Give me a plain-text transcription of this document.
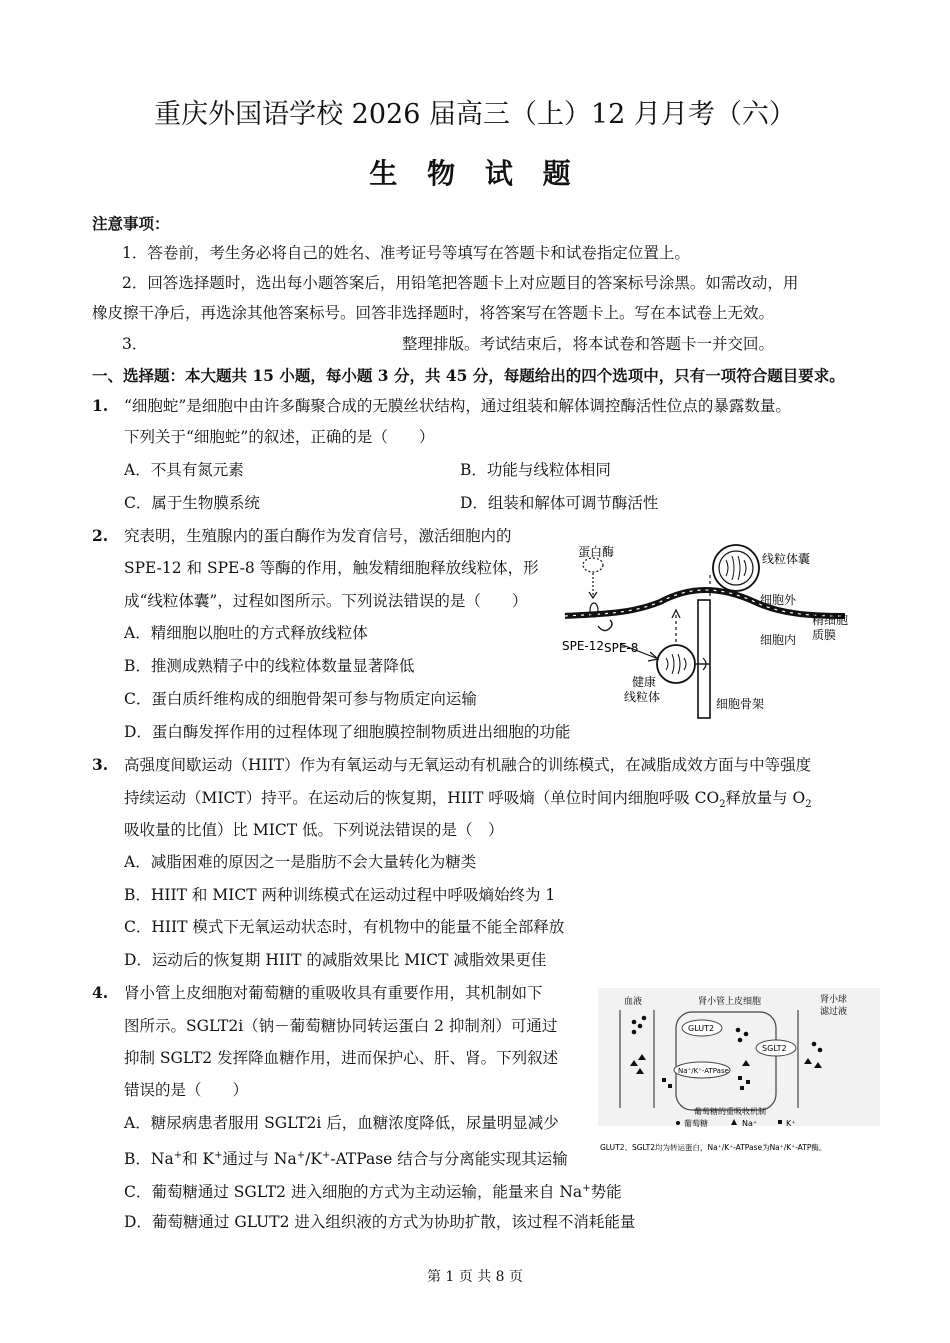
重庆外国语学校 2026 届高三（上）12 月月考（六）
生 物 试 题
注意事项：
1．答卷前，考生务必将自己的姓名、准考证号等填写在答题卡和试卷指定位置上。
2．回答选择题时，选出每小题答案后，用铅笔把答题卡上对应题目的答案标号涂黑。如需改动，用
橡皮擦干净后，再选涂其他答案标号。回答非选择题时，将答案写在答题卡上。写在本试卷上无效。
3．	整理排版。考试结束后，将本试卷和答题卡一并交回。
一、选择题：本大题共 15 小题，每小题 3 分，共 45 分，每题给出的四个选项中，只有一项符合题目要求。
1. “细胞蛇”是细胞中由许多酶聚合成的无膜丝状结构，通过组装和解体调控酶活性位点的暴露数量。
下列关于“细胞蛇”的叙述，正确的是（　　）
A．不具有氮元素	B．功能与线粒体相同
C．属于生物膜系统	D．组装和解体可调节酶活性
2. 究表明，生殖腺内的蛋白酶作为发育信号，激活细胞内的
SPE-12 和 SPE-8 等酶的作用，触发精细胞释放线粒体，形
成“线粒体囊”，过程如图所示。下列说法错误的是（　　）
A．精细胞以胞吐的方式释放线粒体
B．推测成熟精子中的线粒体数量显著降低
C．蛋白质纤维构成的细胞骨架可参与物质定向运输
D．蛋白酶发挥作用的过程体现了细胞膜控制物质进出细胞的功能
蛋白酶	线粒体囊
细胞外
细胞内
精细胞
质膜
SPE-12 SPE-8
健康
线粒体	细胞骨架
3. 高强度间歇运动（HIIT）作为有氧运动与无氧运动有机融合的训练模式，在减脂成效方面与中等强度
持续运动（MICT）持平。在运动后的恢复期，HIIT 呼吸熵（单位时间内细胞呼吸 $CO_2$释放量与 $O_2$
吸收量的比值）比 MICT 低。下列说法错误的是（　）
A．减脂困难的原因之一是脂肪不会大量转化为糖类
B．HIIT 和 MICT 两种训练模式在运动过程中呼吸熵始终为 1
C．HIIT 模式下无氧运动状态时，有机物中的能量不能全部释放
D．运动后的恢复期 HIIT 的减脂效果比 MICT 减脂效果更佳
4. 肾小管上皮细胞对葡萄糖的重吸收具有重要作用，其机制如下
图所示。SGLT2i（钠－葡萄糖协同转运蛋白 2 抑制剂）可通过
抑制 SGLT2 发挥降血糖作用，进而保护心、肝、肾。下列叙述
错误的是（　　）
A．糖尿病患者服用 SGLT2i 后，血糖浓度降低，尿量明显减少
B．Na+和 K+通过与 Na+/K+-ATPase 结合与分离能实现其运输
C．葡萄糖通过 SGLT2 进入细胞的方式为主动运输，能量来自 Na+势能
D．葡萄糖通过 GLUT2 进入组织液的方式为协助扩散，该过程不消耗能量
血液	肾小管上皮细胞	肾小球
滤过液
GLUT2
SGLT2
Na⁺/K⁺-ATPase
葡萄糖的重吸收机制
葡萄糖	Na⁺	K⁺
GLUT2、SGLT2均为转运蛋白，Na⁺/K⁺-ATPase为Na⁺/K⁺-ATP酶。
第 1 页 共 8 页
